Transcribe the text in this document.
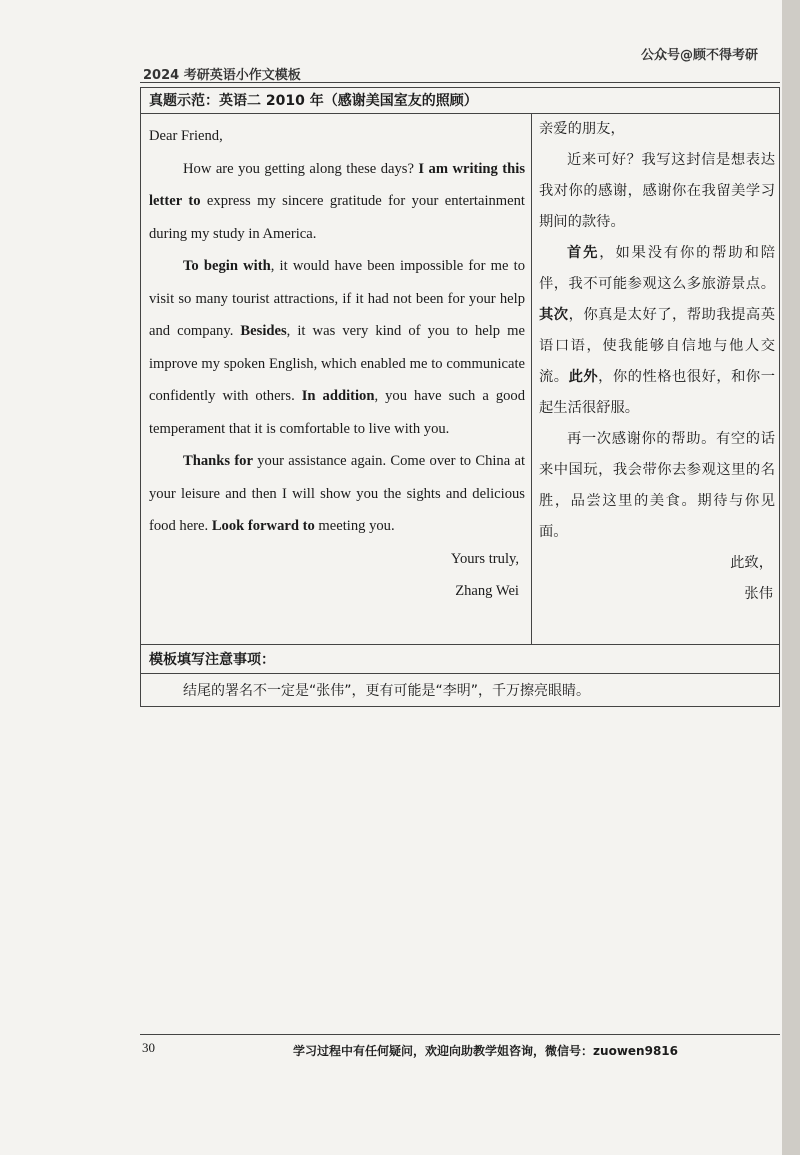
2024 考研英语小作文模板
公众号@顾不得考研
真题示范：英语二 2010 年（感谢美国室友的照顾）

Dear Friend,

How are you getting along these days? I am writing this letter to express my sincere gratitude for your entertainment during my study in America.

To begin with, it would have been impossible for me to visit so many tourist attractions, if it had not been for your help and company. Besides, it was very kind of you to help me improve my spoken English, which enabled me to communicate confidently with others. In addition, you have such a good temperament that it is comfortable to live with you.

Thanks for your assistance again. Come over to China at your leisure and then I will show you the sights and delicious food here. Look forward to meeting you.

Yours truly,

Zhang Wei

亲爱的朋友，

近来可好？我写这封信是想表达我对你的感谢，感谢你在我留美学习期间的款待。

首先，如果没有你的帮助和陪伴，我不可能参观这么多旅游景点。其次，你真是太好了，帮助我提高英语口语，使我能够自信地与他人交流。此外，你的性格也很好，和你一起生活很舒服。

再一次感谢你的帮助。有空的话来中国玩，我会带你去参观这里的名胜，品尝这里的美食。期待与你见面。

此致，

张伟

模板填写注意事项：
结尾的署名不一定是“张伟”，更有可能是“李明”，千万擦亮眼睛。
30	学习过程中有任何疑问，欢迎向助教学姐咨询，微信号：zuowen9816
